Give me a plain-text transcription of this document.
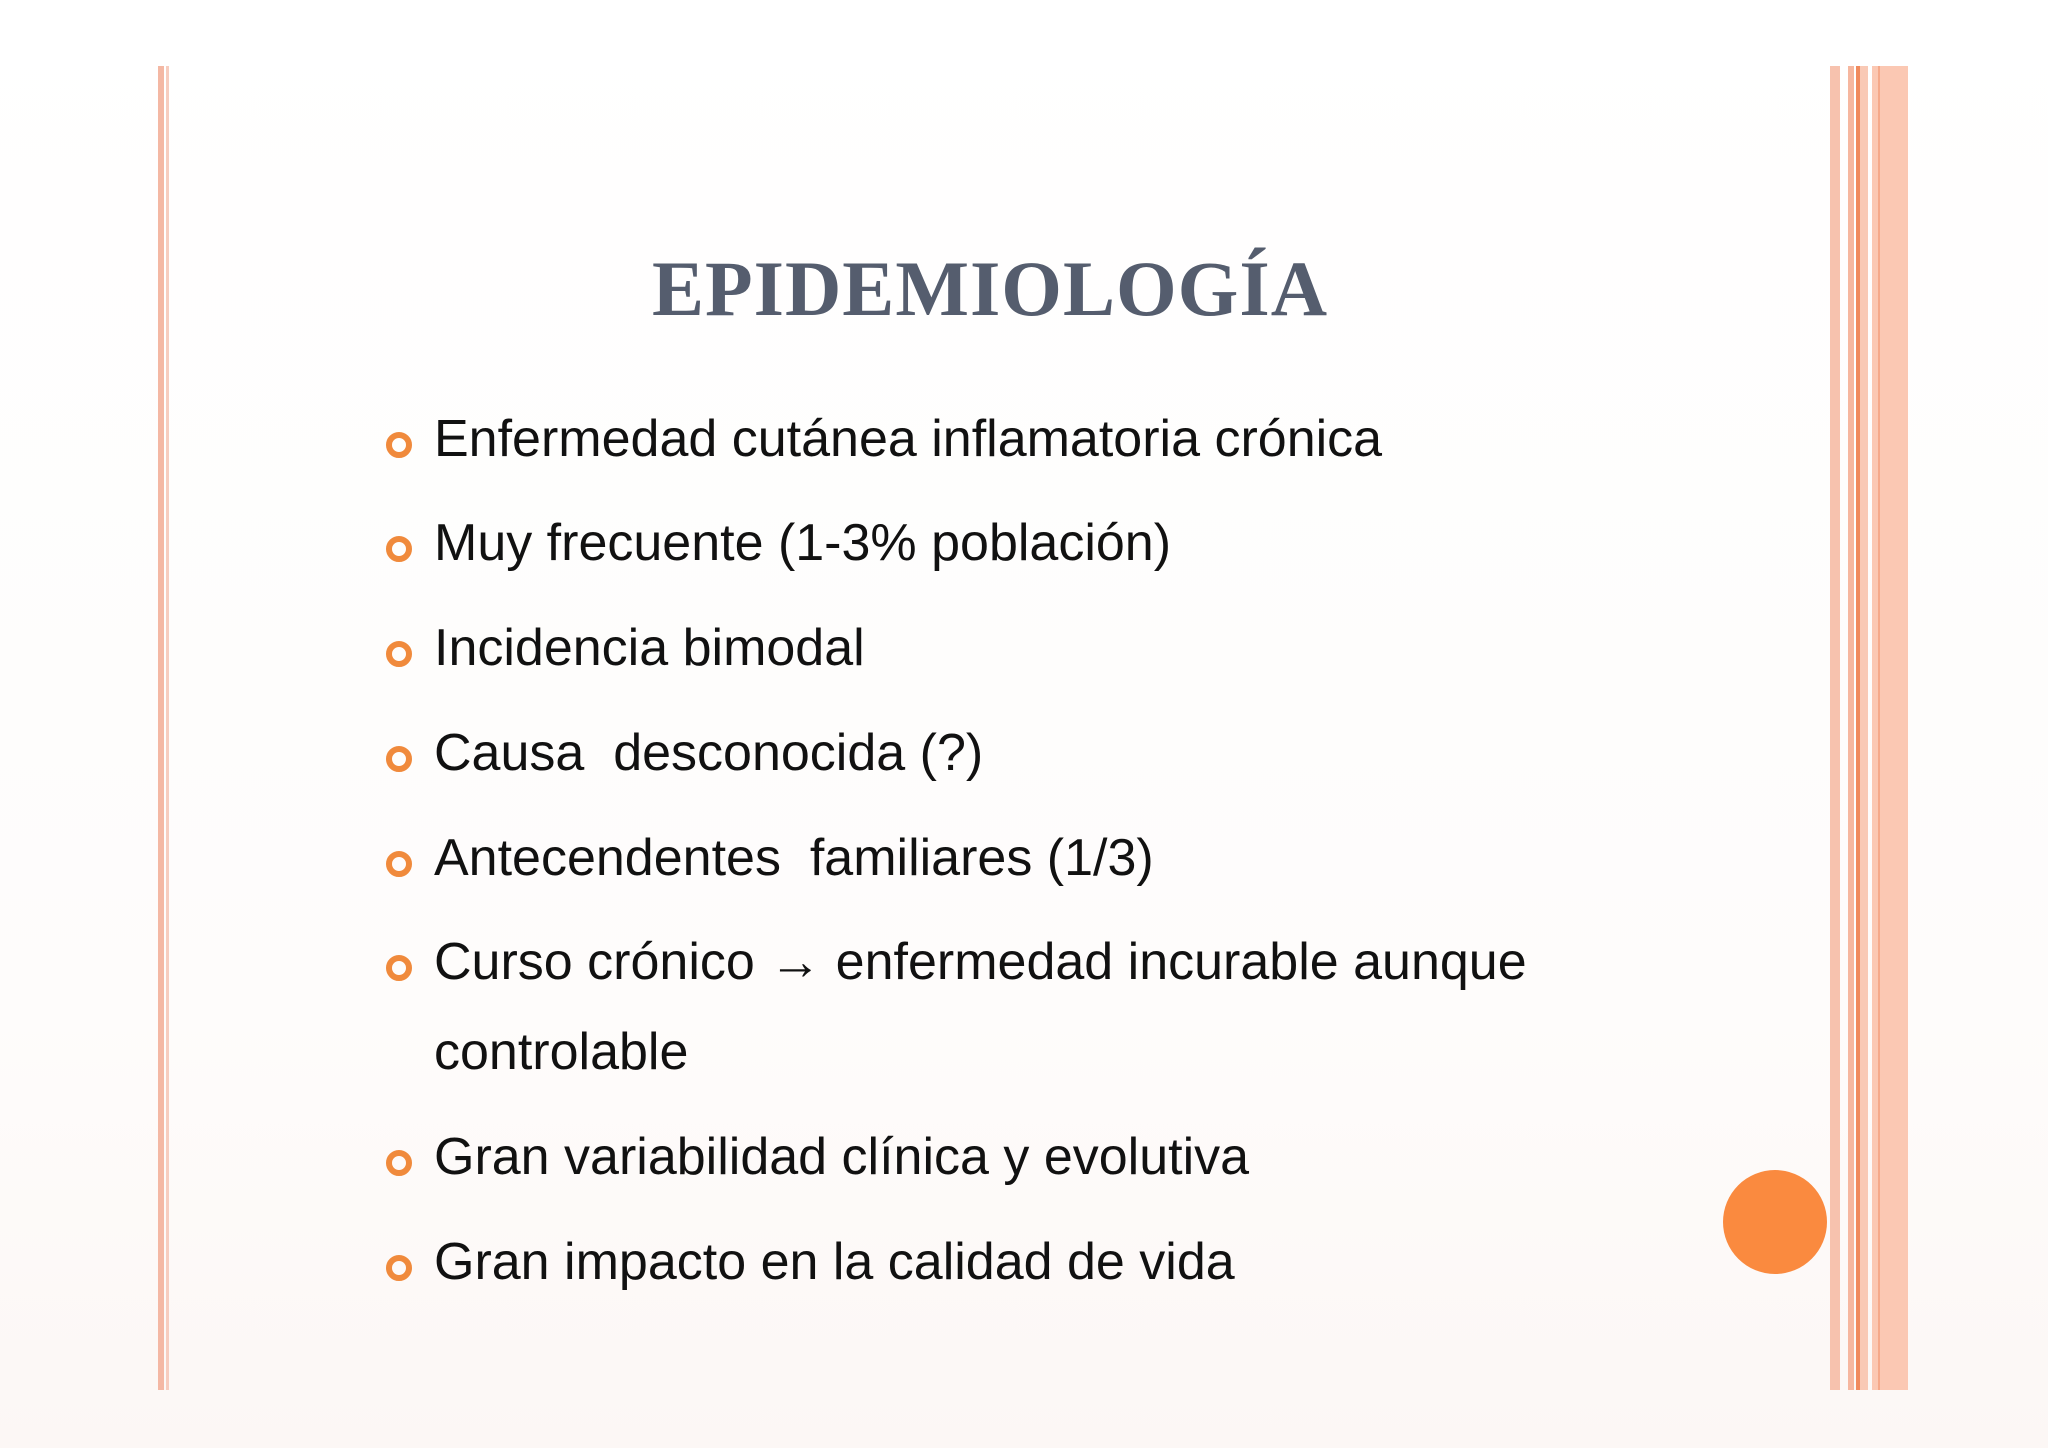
EPIDEMIOLOGÍA
Enfermedad cutánea inflamatoria crónica
Muy frecuente (1-3% población)
Incidencia bimodal
Causa  desconocida (?)
Antecendentes  familiares (1/3)
Curso crónico → enfermedad incurable aunque controlable
Gran variabilidad clínica y evolutiva
Gran impacto en la calidad de vida
